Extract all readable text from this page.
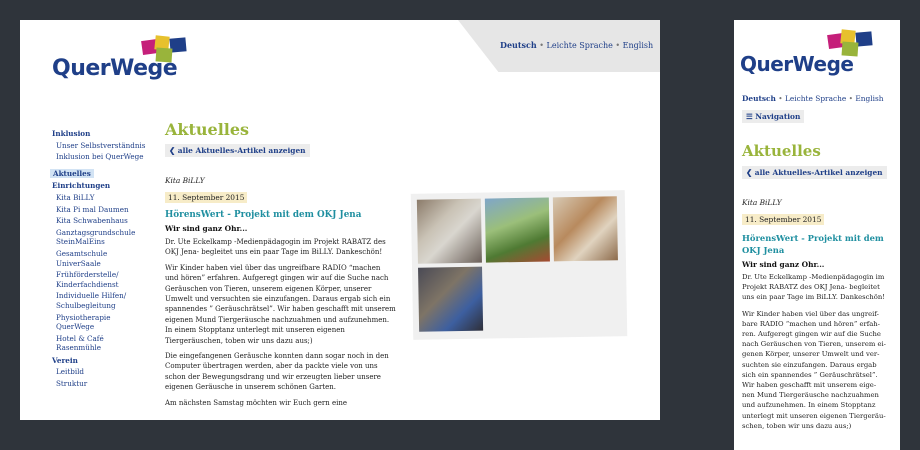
QuerWege
Deutsch • Leichte Sprache • English
Inklusion
Unser Selbstverständnis
Inklusion bei QuerWege
Aktuelles
Einrichtungen
Kita BiLLY
Kita Pi mal Daumen
Kita Schwabenhaus
Ganztagsgrundschule
SteinMalEins
Gesamtschule
UniverSaale
Frühförderstelle/
Kinderfachdienst
Individuelle Hilfen/
Schulbegleitung
Physiotherapie
QuerWege
Hotel & Café
Rasenmühle
Verein
Leitbild
Struktur
Aktuelles
❮ alle Aktuelles-Artikel anzeigen
Kita BiLLY
11. September 2015
HörensWert - Projekt mit dem OKJ Jena
Wir sind ganz Ohr...
Dr. Ute Eckelkamp -Medienpädagogin im Projekt RABATZ des
OKJ Jena- begleitet uns ein paar Tage im BiLLY. Dankeschön!
Wir Kinder haben viel über das ungreifbare RADIO “machen
und hören” erfahren. Aufgeregt gingen wir auf die Suche nach
Geräuschen von Tieren, unserem eigenen Körper, unserer
Umwelt und versuchten sie einzufangen. Daraus ergab sich ein
spannendes ” Geräuschrätsel”. Wir haben geschafft mit unserem
eigenen Mund Tiergeräusche nachzuahmen und aufzunehmen.
In einem Stopptanz unterlegt mit unseren eigenen
Tiergeräuschen, toben wir uns dazu aus;)
Die eingefangenen Geräusche konnten dann sogar noch in den
Computer übertragen werden, aber da packte viele von uns
schon der Bewegungsdrang und wir erzeugten lieber unsere
eigenen Geräusche in unserem schönen Garten.
Am nächsten Samstag möchten wir Euch gern eine
QuerWege
Deutsch • Leichte Sprache • English
☰ Navigation
Aktuelles
❮ alle Aktuelles-Artikel anzeigen
Kita BiLLY
11. September 2015
HörensWert - Projekt mit dem
OKJ Jena
Wir sind ganz Ohr...
Dr. Ute Eckelkamp -Medienpädagogin im
Projekt RABATZ des OKJ Jena- begleitet
uns ein paar Tage im BiLLY. Dankeschön!
Wir Kinder haben viel über das ungreif-
bare RADIO “machen und hören” erfah-
ren. Aufgeregt gingen wir auf die Suche
nach Geräuschen von Tieren, unserem ei-
genen Körper, unserer Umwelt und ver-
suchten sie einzufangen. Daraus ergab
sich ein spannendes ” Geräuschrätsel”.
Wir haben geschafft mit unserem eige-
nen Mund Tiergeräusche nachzuahmen
und aufzunehmen. In einem Stopptanz
unterlegt mit unseren eigenen Tiergeräu-
schen, toben wir uns dazu aus;)
